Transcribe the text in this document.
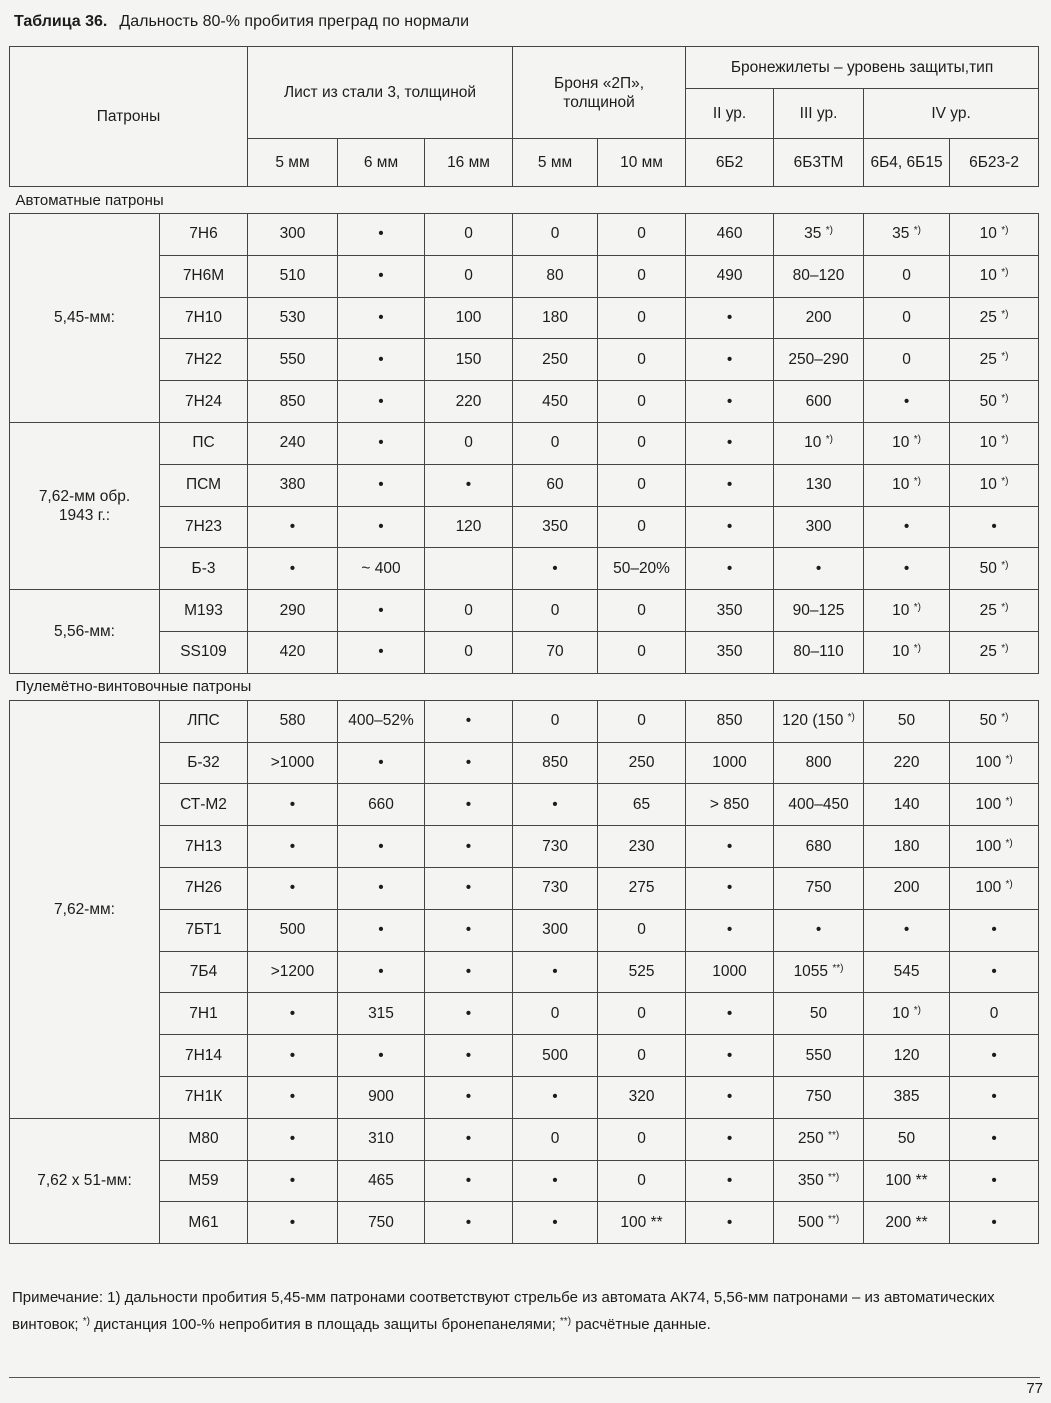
Таблица 36. Дальность 80-% пробития преград по нормали
Патроны		Лист из стали 3, толщиной			Броня «2П», толщиной		Бронежилеты – уровень защиты,тип			
							II ур.	III ур.	IV ур.	
		5 мм	6 мм	16 мм	5 мм	10 мм	6Б2	6Б3ТМ	6Б4, 6Б15	6Б23-2
Автоматные патроны										
5,45-мм:	7Н6	300	•	0	0	0	460	35 *)	35 *)	10 *)
	7Н6М	510	•	0	80	0	490	80–120	0	10 *)
	7Н10	530	•	100	180	0	•	200	0	25 *)
	7Н22	550	•	150	250	0	•	250–290	0	25 *)
	7Н24	850	•	220	450	0	•	600	•	50 *)
7,62-мм обр. 1943 г.:	ПС	240	•	0	0	0	•	10 *)	10 *)	10 *)
	ПСМ	380	•	•	60	0	•	130	10 *)	10 *)
	7Н23	•	•	120	350	0	•	300	•	•
	Б-3	•	~ 400		•	50–20%	•	•	•	50 *)
5,56-мм:	M193	290	•	0	0	0	350	90–125	10 *)	25 *)
	SS109	420	•	0	70	0	350	80–110	10 *)	25 *)
Пулемётно-винтовочные патроны										
7,62-мм:	ЛПС	580	400–52%	•	0	0	850	120 (150 *)	50	50 *)
	Б-32	>1000	•	•	850	250	1000	800	220	100 *)
	СТ-М2	•	660	•	•	65	> 850	400–450	140	100 *)
	7Н13	•	•	•	730	230	•	680	180	100 *)
	7Н26	•	•	•	730	275	•	750	200	100 *)
	7БТ1	500	•	•	300	0	•	•	•	•
	7Б4	>1200	•	•	•	525	1000	1055 **)	545	•
	7Н1	•	315	•	0	0	•	50	10 *)	0
	7Н14	•	•	•	500	0	•	550	120	•
	7Н1К	•	900	•	•	320	•	750	385	•
7,62 x 51-мм:	M80	•	310	•	0	0	•	250 **)	50	•
	M59	•	465	•	•	0	•	350 **)	100 **	•
	M61	•	750	•	•	100 **	•	500 **)	200 **	•
Примечание: 1) дальности пробития 5,45-мм патронами соответствуют стрельбе из автомата АК74, 5,56-мм патронами – из автоматических винтовок; *) дистанция 100-% непробития в площадь защиты бронепанелями; **) расчётные данные.
77
